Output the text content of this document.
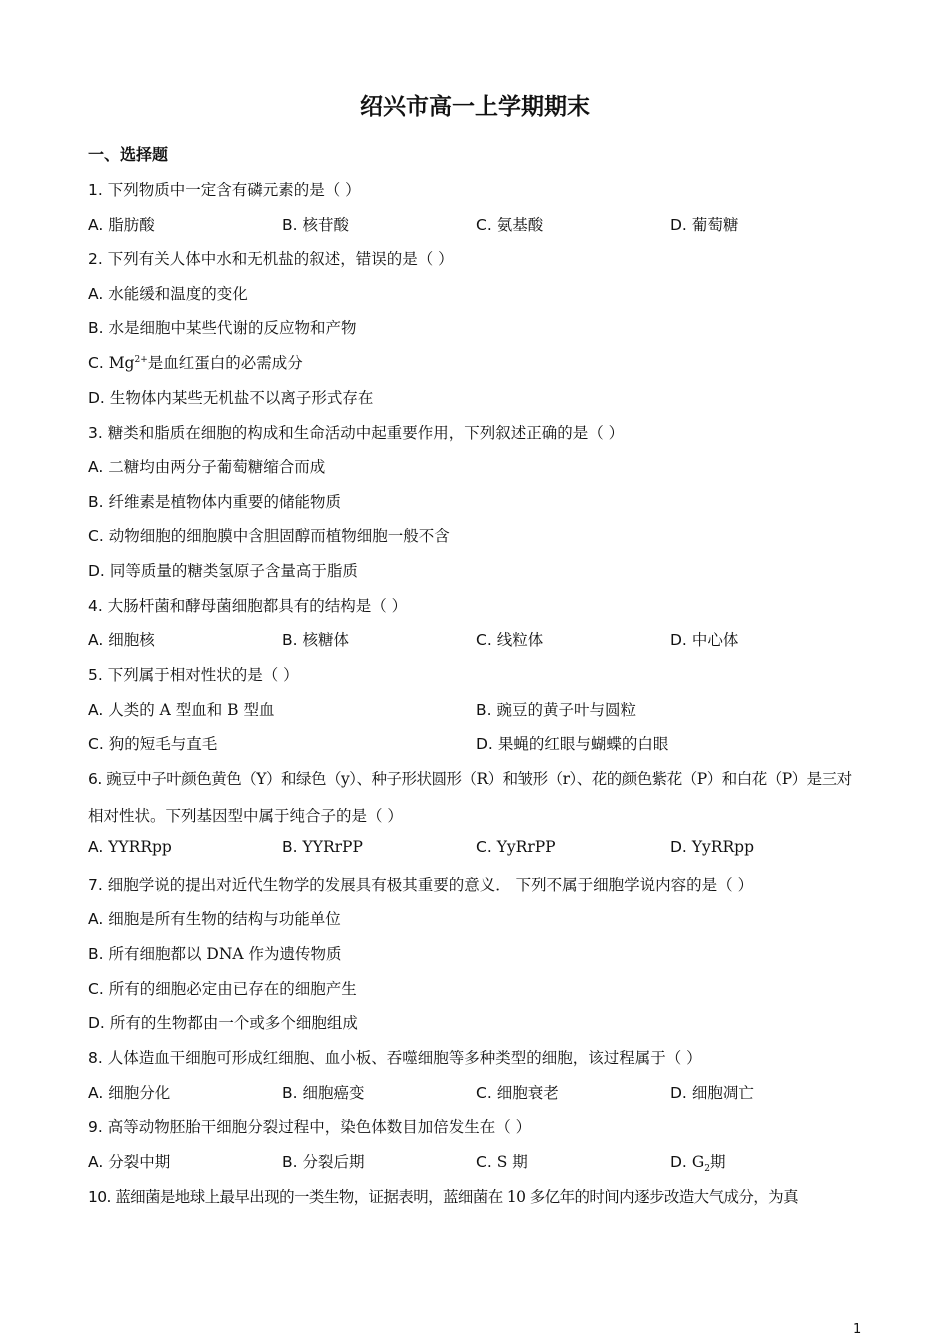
绍兴市高一上学期期末
一、选择题
1. 下列物质中一定含有磷元素的是（ ）
A. 脂肪酸	B. 核苷酸	C. 氨基酸	D. 葡萄糖
2. 下列有关人体中水和无机盐的叙述，错误的是（ ）
A. 水能缓和温度的变化
B. 水是细胞中某些代谢的反应物和产物
C. $Mg^{2+}$是血红蛋白的必需成分
D. 生物体内某些无机盐不以离子形式存在
3. 糖类和脂质在细胞的构成和生命活动中起重要作用，下列叙述正确的是（ ）
A. 二糖均由两分子葡萄糖缩合而成
B. 纤维素是植物体内重要的储能物质
C. 动物细胞的细胞膜中含胆固醇而植物细胞一般不含
D. 同等质量的糖类氢原子含量高于脂质
4. 大肠杆菌和酵母菌细胞都具有的结构是（ ）
A. 细胞核	B. 核糖体	C. 线粒体	D. 中心体
5. 下列属于相对性状的是（ ）
A. 人类的 A 型血和 B 型血	B. 豌豆的黄子叶与圆粒
C. 狗的短毛与直毛	D. 果蝇的红眼与蝴蝶的白眼
6. 豌豆中子叶颜色黄色（Y）和绿色（y）、种子形状圆形（R）和皱形（r）、花的颜色紫花（P）和白花（P）是三对
相对性状。下列基因型中属于纯合子的是（ ）
A. YYRRpp	B. YYRrPP	C. YyRrPP	D. YyRRpp
7. 细胞学说的提出对近代生物学的发展具有极其重要的意义． 下列不属于细胞学说内容的是（ ）
A. 细胞是所有生物的结构与功能单位
B. 所有细胞都以 DNA 作为遗传物质
C. 所有的细胞必定由已存在的细胞产生
D. 所有的生物都由一个或多个细胞组成
8. 人体造血干细胞可形成红细胞、血小板、吞噬细胞等多种类型的细胞，该过程属于（ ）
A. 细胞分化	B. 细胞癌变	C. 细胞衰老	D. 细胞凋亡
9. 高等动物胚胎干细胞分裂过程中，染色体数目加倍发生在（ ）
A. 分裂中期	B. 分裂后期	C. S 期	D. $G_2$期
10. 蓝细菌是地球上最早出现的一类生物，证据表明，蓝细菌在 10 多亿年的时间内逐步改造大气成分，为真
1
